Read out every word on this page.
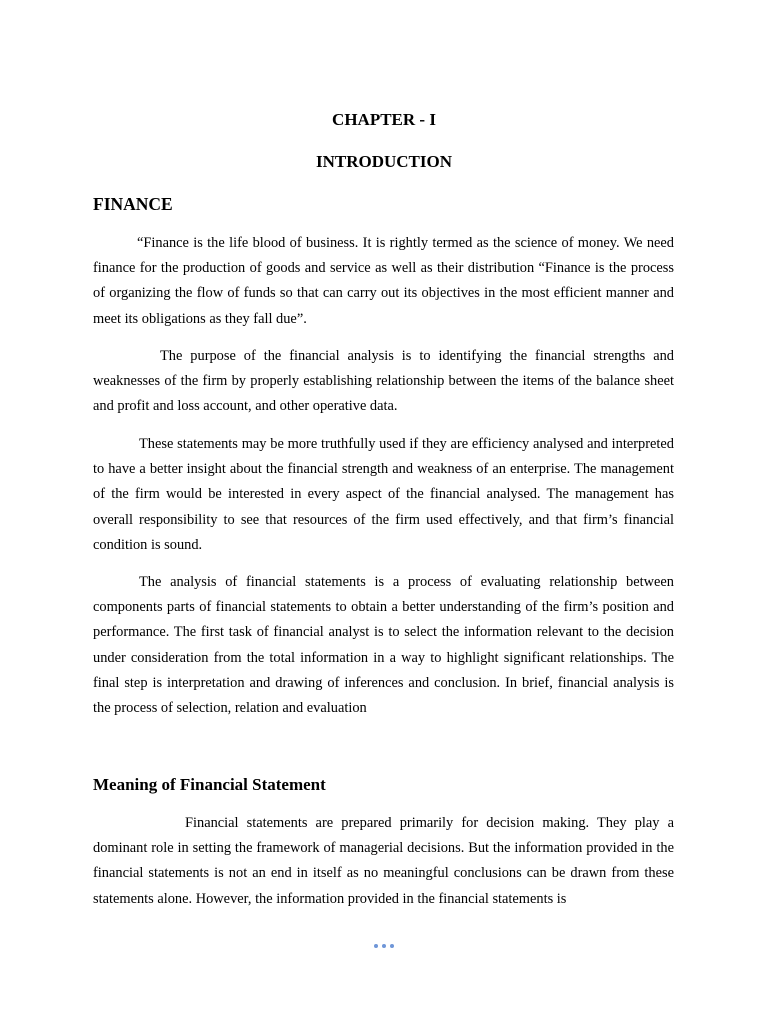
CHAPTER - I
INTRODUCTION
FINANCE

“Finance is the life blood of business. It is rightly termed as the science of money. We need finance for the production of goods and service as well as their distribution “Finance is the process of organizing the flow of funds so that can carry out its objectives in the most efficient manner and meet its obligations as they fall due”.

The purpose of the financial analysis is to identifying the financial strengths and weaknesses of the firm by properly establishing relationship between the items of the balance sheet and profit and loss account, and other operative data.

These statements may be more truthfully used if they are efficiency analysed and interpreted to have a better insight about the financial strength and weakness of an enterprise. The management of the firm would be interested in every aspect of the financial analysed. The management has overall responsibility to see that resources of the firm used effectively, and that firm’s financial condition is sound.

The analysis of financial statements is a process of evaluating relationship between components parts of financial statements to obtain a better understanding of the firm’s position and performance. The first task of financial analyst is to select the information relevant to the decision under consideration from the total information in a way to highlight significant relationships. The final step is interpretation and drawing of inferences and conclusion. In brief, financial analysis is the process of selection, relation and evaluation

Meaning of Financial Statement

Financial statements are prepared primarily for decision making. They play a dominant role in setting the framework of managerial decisions. But the information provided in the financial statements is not an end in itself as no meaningful conclusions can be drawn from these statements alone. However, the information provided in the financial statements is
